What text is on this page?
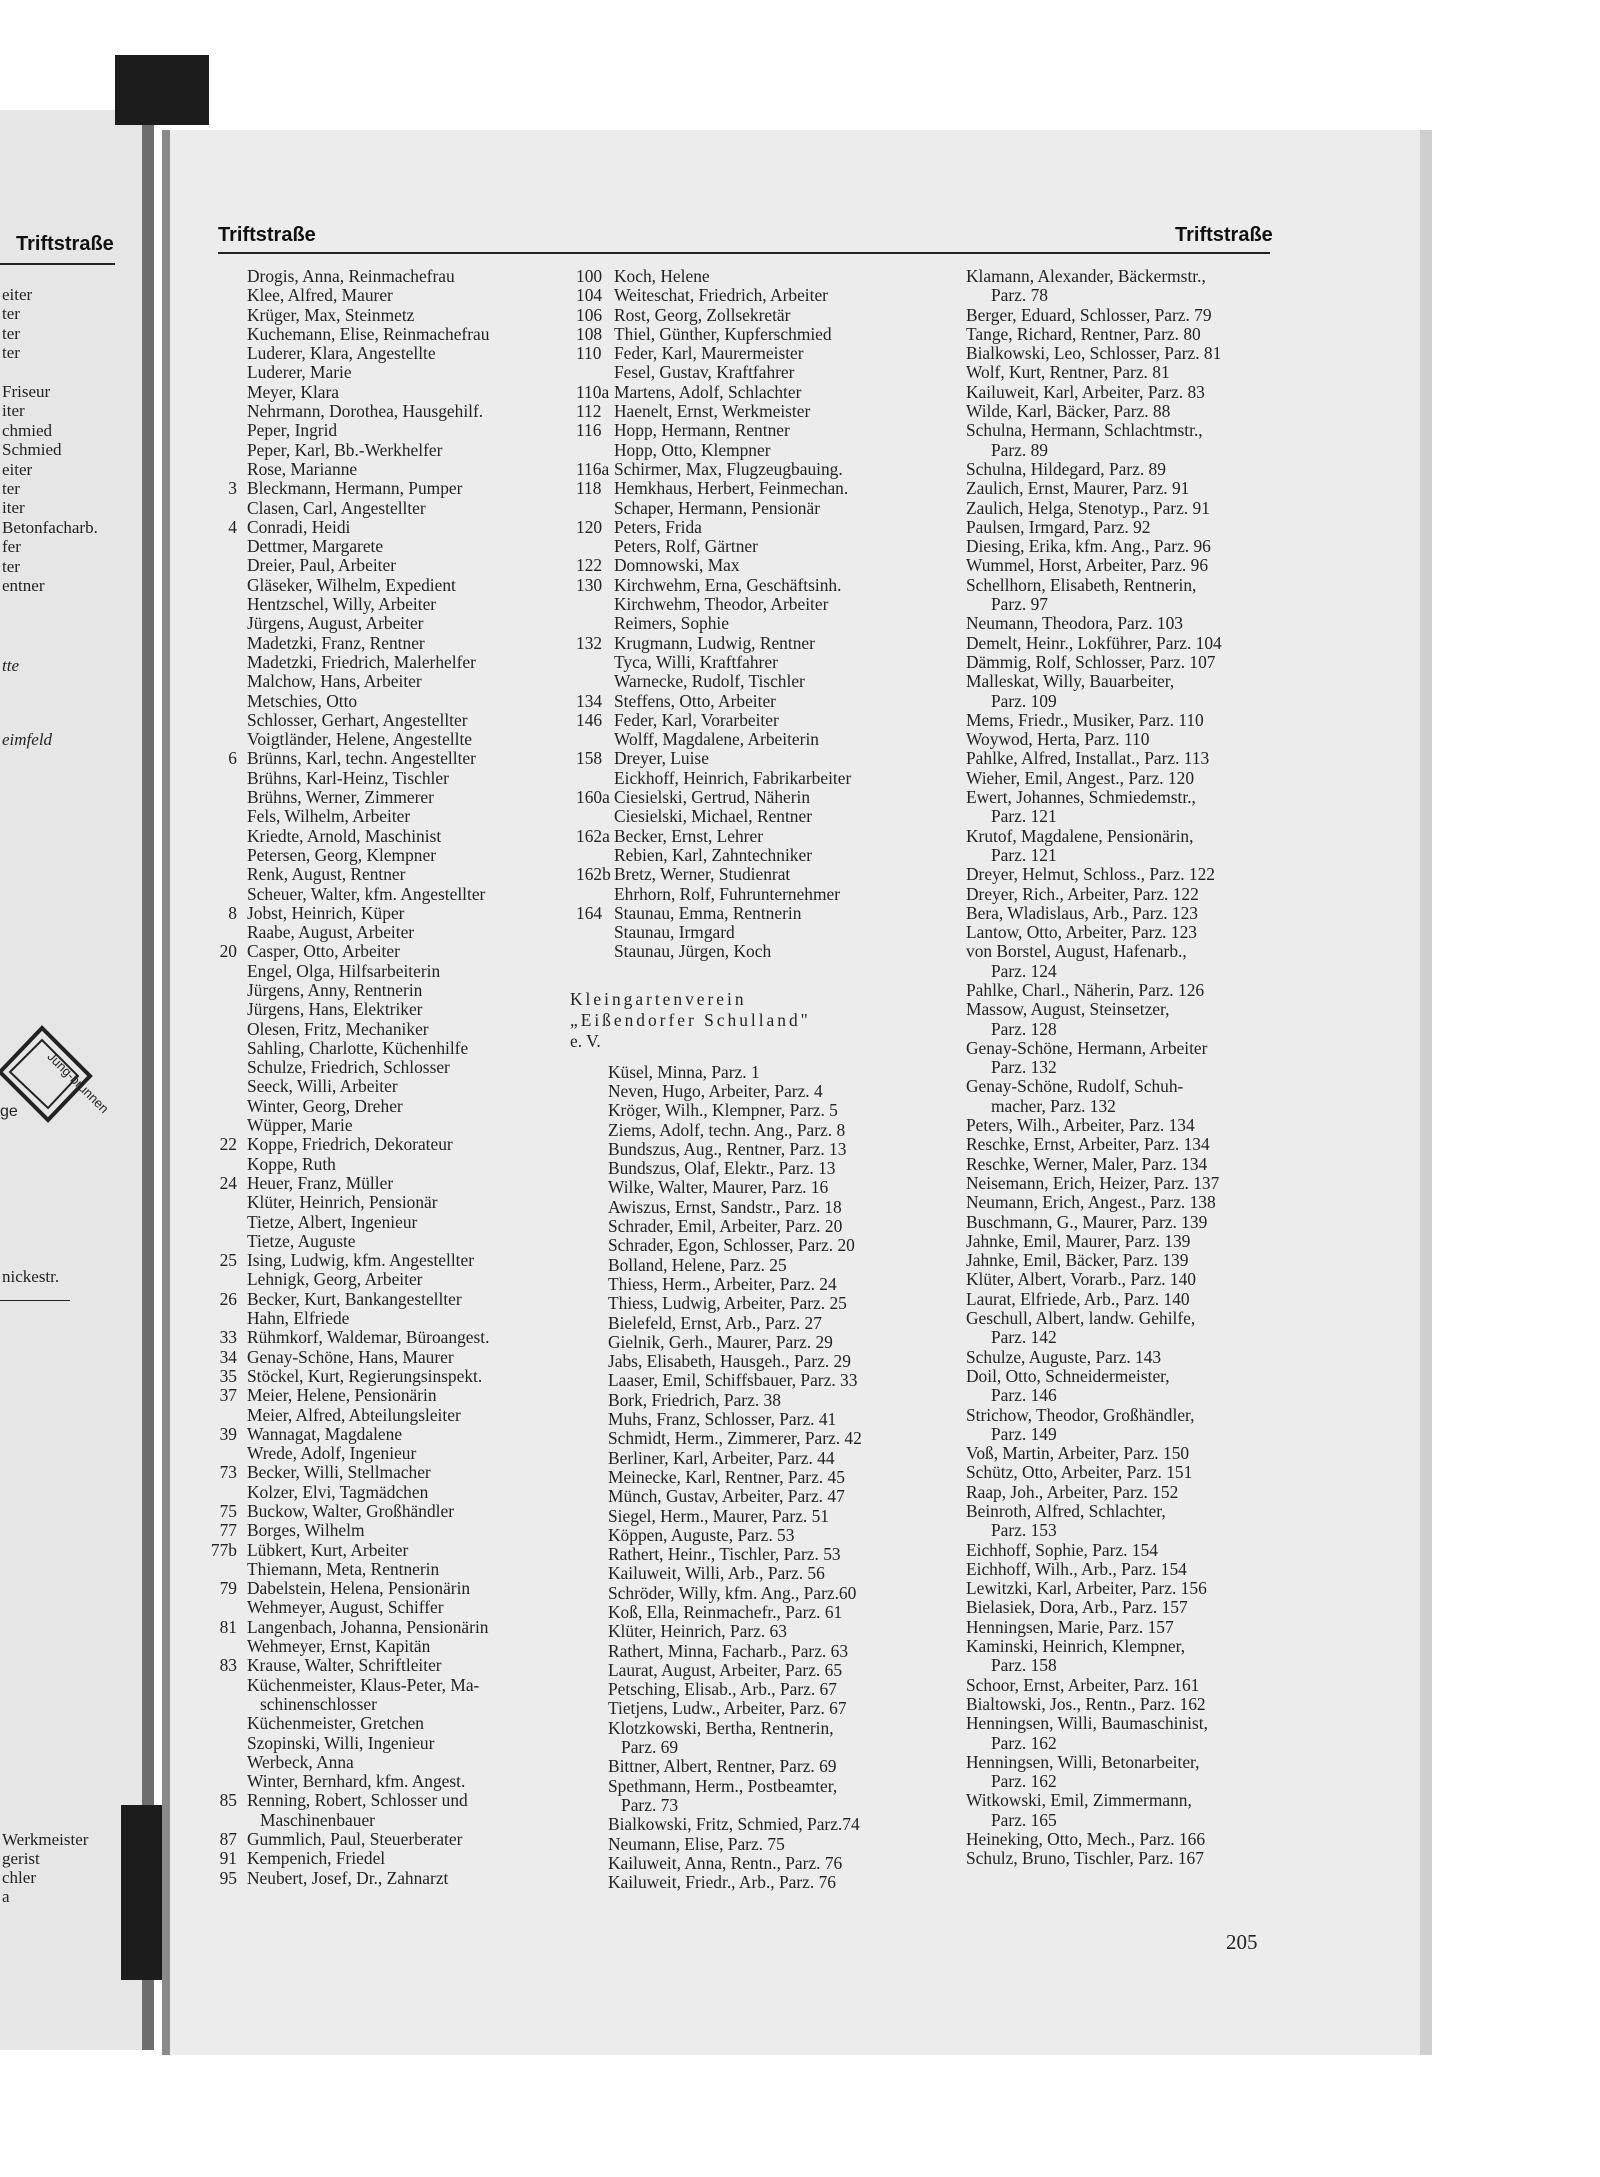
Triftstraße
eiter
ter
ter
ter
Friseur
iter
chmied
Schmied
eiter
ter
iter
Betonfacharb.
fer
ter
entner
tte
eimfeld
Jung-brunnen
ge
nickestr.
Werkmeister
gerist
chler
a
Triftstraße	Triftstraße
Drogis, Anna, Reinmachefrau
Klee, Alfred, Maurer
Krüger, Max, Steinmetz
Kuchemann, Elise, Reinmachefrau
Luderer, Klara, Angestellte
Luderer, Marie
Meyer, Klara
Nehrmann, Dorothea, Hausgehilf.
Peper, Ingrid
Peper, Karl, Bb.-Werkhelfer
Rose, Marianne
3 Bleckmann, Hermann, Pumper
Clasen, Carl, Angestellter
4 Conradi, Heidi
Dettmer, Margarete
Dreier, Paul, Arbeiter
Gläseker, Wilhelm, Expedient
Hentzschel, Willy, Arbeiter
Jürgens, August, Arbeiter
Madetzki, Franz, Rentner
Madetzki, Friedrich, Malerhelfer
Malchow, Hans, Arbeiter
Metschies, Otto
Schlosser, Gerhart, Angestellter
Voigtländer, Helene, Angestellte
6 Brünns, Karl, techn. Angestellter
Brühns, Karl-Heinz, Tischler
Brühns, Werner, Zimmerer
Fels, Wilhelm, Arbeiter
Kriedte, Arnold, Maschinist
Petersen, Georg, Klempner
Renk, August, Rentner
Scheuer, Walter, kfm. Angestellter
8 Jobst, Heinrich, Küper
Raabe, August, Arbeiter
20 Casper, Otto, Arbeiter
Engel, Olga, Hilfsarbeiterin
Jürgens, Anny, Rentnerin
Jürgens, Hans, Elektriker
Olesen, Fritz, Mechaniker
Sahling, Charlotte, Küchenhilfe
Schulze, Friedrich, Schlosser
Seeck, Willi, Arbeiter
Winter, Georg, Dreher
Wüpper, Marie
22 Koppe, Friedrich, Dekorateur
Koppe, Ruth
24 Heuer, Franz, Müller
Klüter, Heinrich, Pensionär
Tietze, Albert, Ingenieur
Tietze, Auguste
25 Ising, Ludwig, kfm. Angestellter
Lehnigk, Georg, Arbeiter
26 Becker, Kurt, Bankangestellter
Hahn, Elfriede
33 Rühmkorf, Waldemar, Büroangest.
34 Genay-Schöne, Hans, Maurer
35 Stöckel, Kurt, Regierungsinspekt.
37 Meier, Helene, Pensionärin
Meier, Alfred, Abteilungsleiter
39 Wannagat, Magdalene
Wrede, Adolf, Ingenieur
73 Becker, Willi, Stellmacher
Kolzer, Elvi, Tagmädchen
75 Buckow, Walter, Großhändler
77 Borges, Wilhelm
77b Lübkert, Kurt, Arbeiter
Thiemann, Meta, Rentnerin
79 Dabelstein, Helena, Pensionärin
Wehmeyer, August, Schiffer
81 Langenbach, Johanna, Pensionärin
Wehmeyer, Ernst, Kapitän
83 Krause, Walter, Schriftleiter
Küchenmeister, Klaus-Peter, Ma-
schinenschlosser
Küchenmeister, Gretchen
Szopinski, Willi, Ingenieur
Werbeck, Anna
Winter, Bernhard, kfm. Angest.
85 Renning, Robert, Schlosser und
Maschinenbauer
87 Gummlich, Paul, Steuerberater
91 Kempenich, Friedel
95 Neubert, Josef, Dr., Zahnarzt
100 Koch, Helene
104 Weiteschat, Friedrich, Arbeiter
106 Rost, Georg, Zollsekretär
108 Thiel, Günther, Kupferschmied
110 Feder, Karl, Maurermeister
Fesel, Gustav, Kraftfahrer
110a Martens, Adolf, Schlachter
112 Haenelt, Ernst, Werkmeister
116 Hopp, Hermann, Rentner
Hopp, Otto, Klempner
116a Schirmer, Max, Flugzeugbauing.
118 Hemkhaus, Herbert, Feinmechan.
Schaper, Hermann, Pensionär
120 Peters, Frida
Peters, Rolf, Gärtner
122 Domnowski, Max
130 Kirchwehm, Erna, Geschäftsinh.
Kirchwehm, Theodor, Arbeiter
Reimers, Sophie
132 Krugmann, Ludwig, Rentner
Tyca, Willi, Kraftfahrer
Warnecke, Rudolf, Tischler
134 Steffens, Otto, Arbeiter
146 Feder, Karl, Vorarbeiter
Wolff, Magdalene, Arbeiterin
158 Dreyer, Luise
Eickhoff, Heinrich, Fabrikarbeiter
160a Ciesielski, Gertrud, Näherin
Ciesielski, Michael, Rentner
162a Becker, Ernst, Lehrer
Rebien, Karl, Zahntechniker
162b Bretz, Werner, Studienrat
Ehrhorn, Rolf, Fuhrunternehmer
164 Staunau, Emma, Rentnerin
Staunau, Irmgard
Staunau, Jürgen, Koch
Kleingartenverein
„Eißendorfer Schulland"
e. V.
Küsel, Minna, Parz. 1
Neven, Hugo, Arbeiter, Parz. 4
Kröger, Wilh., Klempner, Parz. 5
Ziems, Adolf, techn. Ang., Parz. 8
Bundszus, Aug., Rentner, Parz. 13
Bundszus, Olaf, Elektr., Parz. 13
Wilke, Walter, Maurer, Parz. 16
Awiszus, Ernst, Sandstr., Parz. 18
Schrader, Emil, Arbeiter, Parz. 20
Schrader, Egon, Schlosser, Parz. 20
Bolland, Helene, Parz. 25
Thiess, Herm., Arbeiter, Parz. 24
Thiess, Ludwig, Arbeiter, Parz. 25
Bielefeld, Ernst, Arb., Parz. 27
Gielnik, Gerh., Maurer, Parz. 29
Jabs, Elisabeth, Hausgeh., Parz. 29
Laaser, Emil, Schiffsbauer, Parz. 33
Bork, Friedrich, Parz. 38
Muhs, Franz, Schlosser, Parz. 41
Schmidt, Herm., Zimmerer, Parz. 42
Berliner, Karl, Arbeiter, Parz. 44
Meinecke, Karl, Rentner, Parz. 45
Münch, Gustav, Arbeiter, Parz. 47
Siegel, Herm., Maurer, Parz. 51
Köppen, Auguste, Parz. 53
Rathert, Heinr., Tischler, Parz. 53
Kailuweit, Willi, Arb., Parz. 56
Schröder, Willy, kfm. Ang., Parz.60
Koß, Ella, Reinmachefr., Parz. 61
Klüter, Heinrich, Parz. 63
Rathert, Minna, Facharb., Parz. 63
Laurat, August, Arbeiter, Parz. 65
Petsching, Elisab., Arb., Parz. 67
Tietjens, Ludw., Arbeiter, Parz. 67
Klotzkowski, Bertha, Rentnerin,
Parz. 69
Bittner, Albert, Rentner, Parz. 69
Spethmann, Herm., Postbeamter,
Parz. 73
Bialkowski, Fritz, Schmied, Parz.74
Neumann, Elise, Parz. 75
Kailuweit, Anna, Rentn., Parz. 76
Kailuweit, Friedr., Arb., Parz. 76
Klamann, Alexander, Bäckermstr.,
Parz. 78
Berger, Eduard, Schlosser, Parz. 79
Tange, Richard, Rentner, Parz. 80
Bialkowski, Leo, Schlosser, Parz. 81
Wolf, Kurt, Rentner, Parz. 81
Kailuweit, Karl, Arbeiter, Parz. 83
Wilde, Karl, Bäcker, Parz. 88
Schulna, Hermann, Schlachtmstr.,
Parz. 89
Schulna, Hildegard, Parz. 89
Zaulich, Ernst, Maurer, Parz. 91
Zaulich, Helga, Stenotyp., Parz. 91
Paulsen, Irmgard, Parz. 92
Diesing, Erika, kfm. Ang., Parz. 96
Wummel, Horst, Arbeiter, Parz. 96
Schellhorn, Elisabeth, Rentnerin,
Parz. 97
Neumann, Theodora, Parz. 103
Demelt, Heinr., Lokführer, Parz. 104
Dämmig, Rolf, Schlosser, Parz. 107
Malleskat, Willy, Bauarbeiter,
Parz. 109
Mems, Friedr., Musiker, Parz. 110
Woywod, Herta, Parz. 110
Pahlke, Alfred, Installat., Parz. 113
Wieher, Emil, Angest., Parz. 120
Ewert, Johannes, Schmiedemstr.,
Parz. 121
Krutof, Magdalene, Pensionärin,
Parz. 121
Dreyer, Helmut, Schloss., Parz. 122
Dreyer, Rich., Arbeiter, Parz. 122
Bera, Wladislaus, Arb., Parz. 123
Lantow, Otto, Arbeiter, Parz. 123
von Borstel, August, Hafenarb.,
Parz. 124
Pahlke, Charl., Näherin, Parz. 126
Massow, August, Steinsetzer,
Parz. 128
Genay-Schöne, Hermann, Arbeiter
Parz. 132
Genay-Schöne, Rudolf, Schuh-
macher, Parz. 132
Peters, Wilh., Arbeiter, Parz. 134
Reschke, Ernst, Arbeiter, Parz. 134
Reschke, Werner, Maler, Parz. 134
Neisemann, Erich, Heizer, Parz. 137
Neumann, Erich, Angest., Parz. 138
Buschmann, G., Maurer, Parz. 139
Jahnke, Emil, Maurer, Parz. 139
Jahnke, Emil, Bäcker, Parz. 139
Klüter, Albert, Vorarb., Parz. 140
Laurat, Elfriede, Arb., Parz. 140
Geschull, Albert, landw. Gehilfe,
Parz. 142
Schulze, Auguste, Parz. 143
Doil, Otto, Schneidermeister,
Parz. 146
Strichow, Theodor, Großhändler,
Parz. 149
Voß, Martin, Arbeiter, Parz. 150
Schütz, Otto, Arbeiter, Parz. 151
Raap, Joh., Arbeiter, Parz. 152
Beinroth, Alfred, Schlachter,
Parz. 153
Eichhoff, Sophie, Parz. 154
Eichhoff, Wilh., Arb., Parz. 154
Lewitzki, Karl, Arbeiter, Parz. 156
Bielasiek, Dora, Arb., Parz. 157
Henningsen, Marie, Parz. 157
Kaminski, Heinrich, Klempner,
Parz. 158
Schoor, Ernst, Arbeiter, Parz. 161
Bialtowski, Jos., Rentn., Parz. 162
Henningsen, Willi, Baumaschinist,
Parz. 162
Henningsen, Willi, Betonarbeiter,
Parz. 162
Witkowski, Emil, Zimmermann,
Parz. 165
Heineking, Otto, Mech., Parz. 166
Schulz, Bruno, Tischler, Parz. 167
205
